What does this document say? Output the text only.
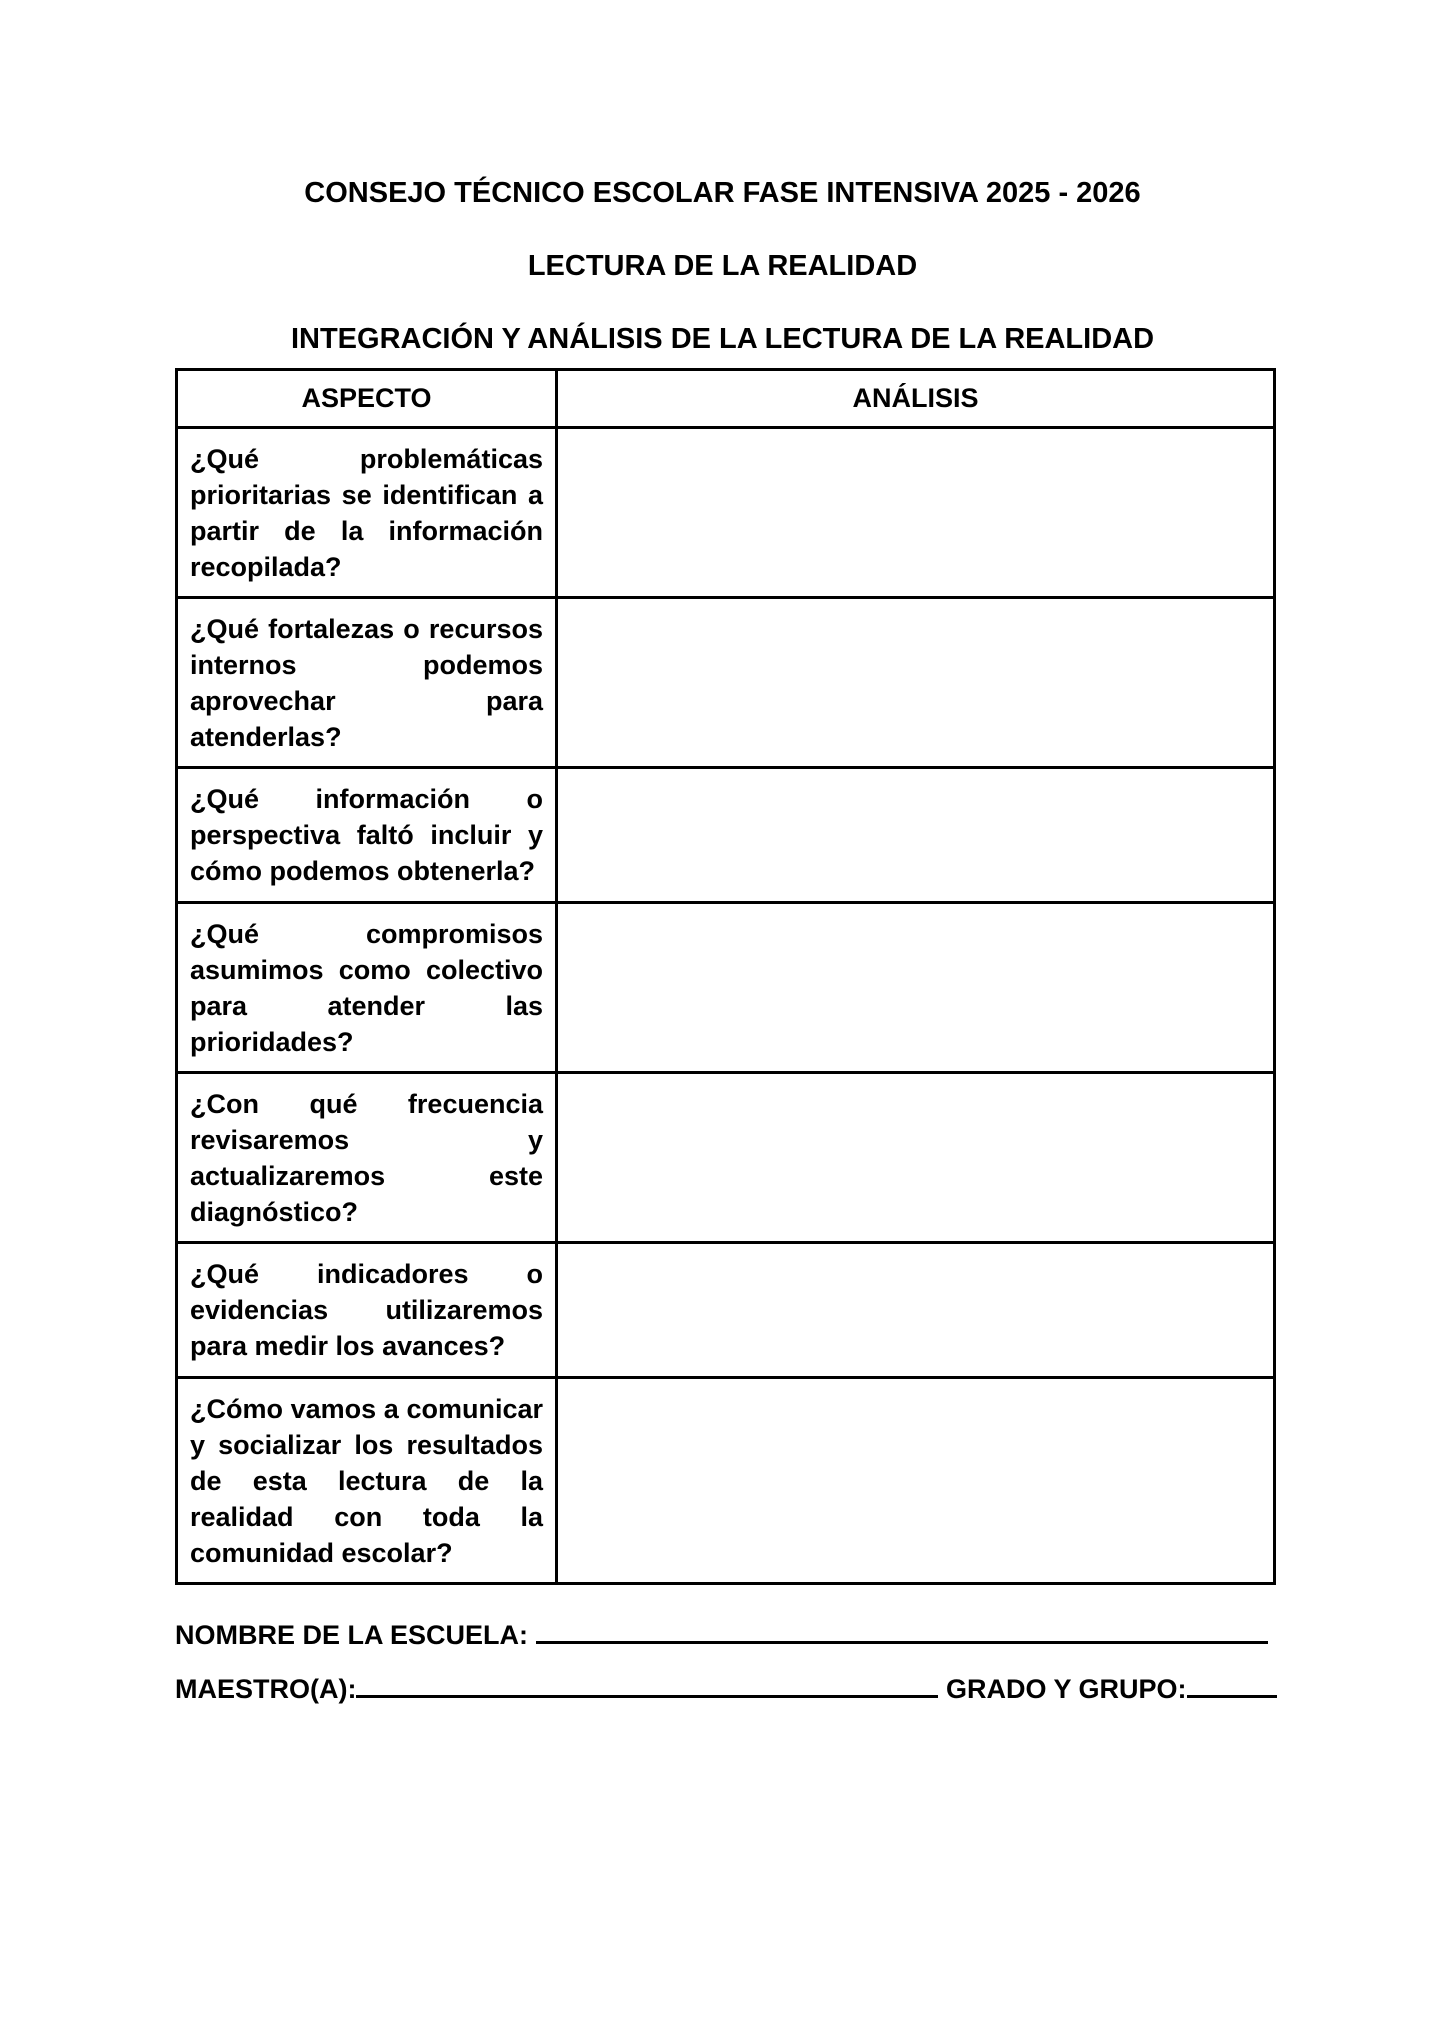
CONSEJO TÉCNICO ESCOLAR FASE INTENSIVA 2025 - 2026
LECTURA DE LA REALIDAD
INTEGRACIÓN Y ANÁLISIS DE LA LECTURA DE LA REALIDAD
ASPECTO	ANÁLISIS
¿Qué problemáticas prioritarias se identifican a partir de la información recopilada?	
¿Qué fortalezas o recursos internos podemos aprovechar para atenderlas?	
¿Qué información o perspectiva faltó incluir y cómo podemos obtenerla?	
¿Qué compromisos asumimos como colectivo para atender las prioridades?	
¿Con qué frecuencia revisaremos y actualizaremos este diagnóstico?	
¿Qué indicadores o evidencias utilizaremos para medir los avances?	
¿Cómo vamos a comunicar y socializar los resultados de esta lectura de la realidad con toda la comunidad escolar?	
NOMBRE DE LA ESCUELA:
MAESTRO(A):	GRADO Y GRUPO:
